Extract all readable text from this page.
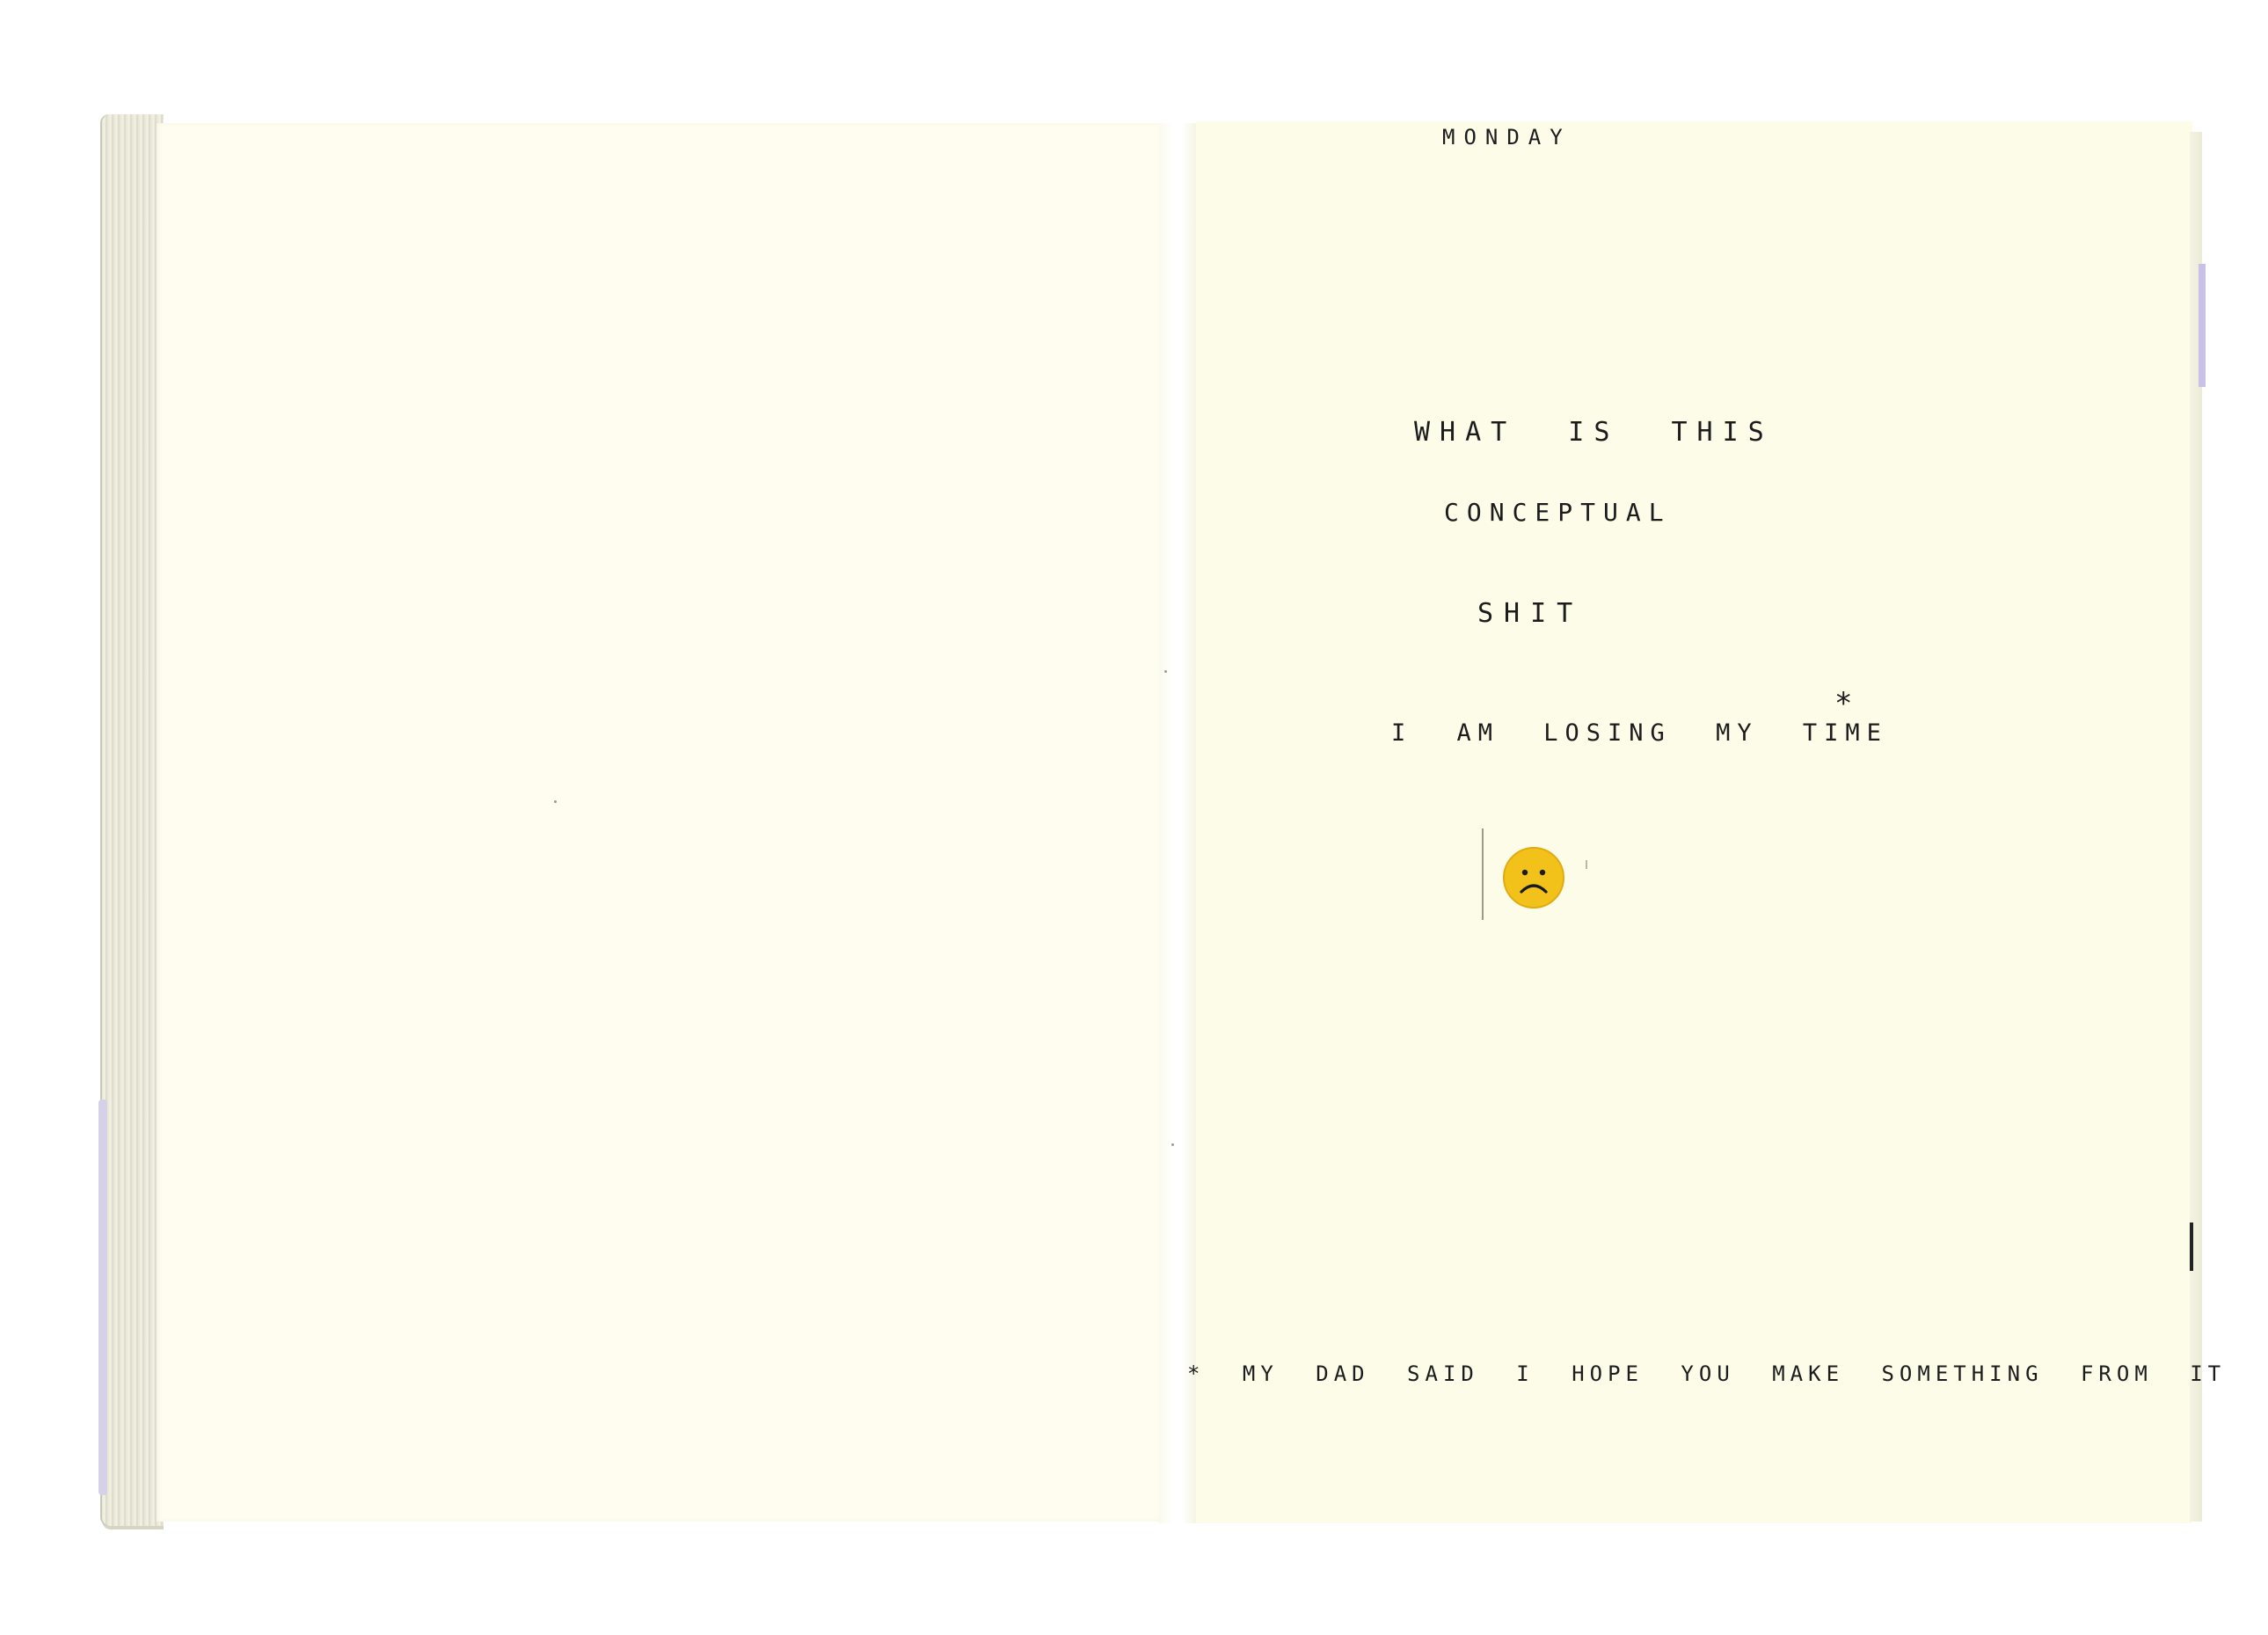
MONDAY
WHAT IS THIS
CONCEPTUAL
SHIT
I AM LOSING MY TIME
*
* MY DAD SAID I HOPE YOU MAKE SOMETHING FROM IT
